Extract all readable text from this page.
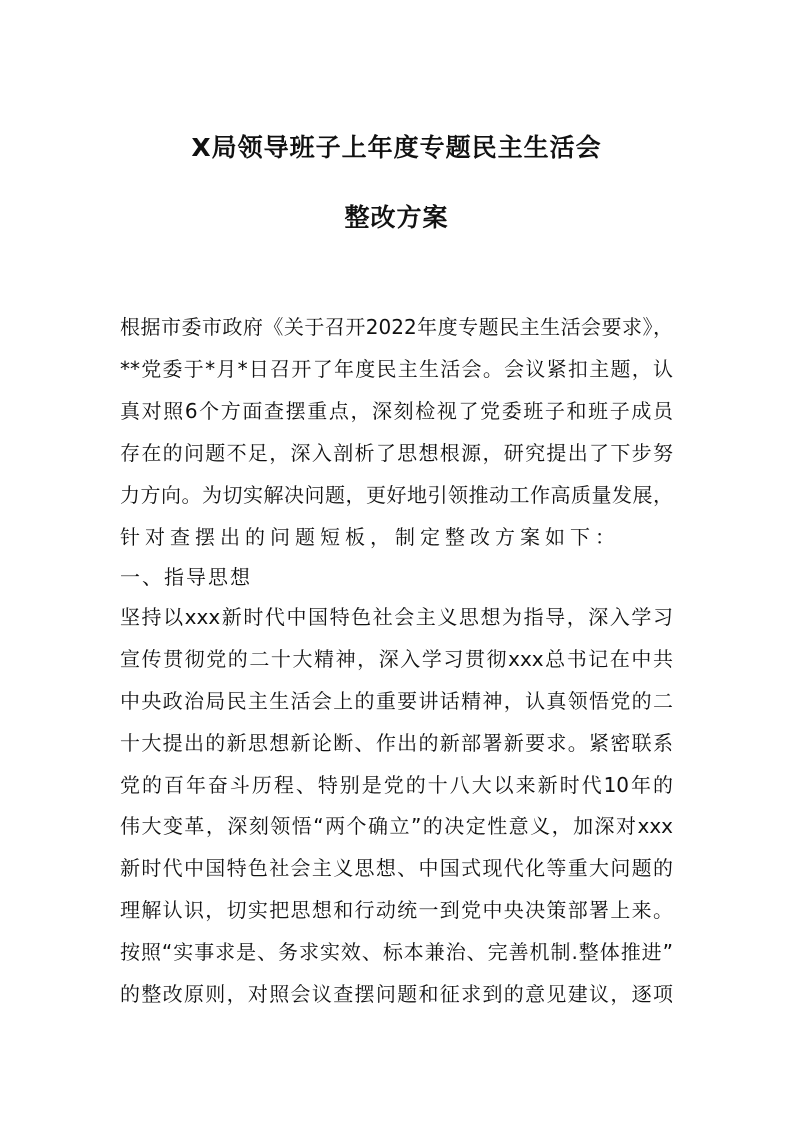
X局领导班子上年度专题民主生活会
整改方案
根据市委市政府《关于召开2022年度专题民主生活会要求》，
**党委于*月*日召开了年度民主生活会。会议紧扣主题，认
真对照6个方面查摆重点，深刻检视了党委班子和班子成员
存在的问题不足，深入剖析了思想根源，研究提出了下步努
力方向。为切实解决问题，更好地引领推动工作高质量发展，
针对查摆出的问题短板，制定整改方案如下：
一、指导思想
坚持以xxx新时代中国特色社会主义思想为指导，深入学习
宣传贯彻党的二十大精神，深入学习贯彻xxx总书记在中共
中央政治局民主生活会上的重要讲话精神，认真领悟党的二
十大提出的新思想新论断、作出的新部署新要求。紧密联系
党的百年奋斗历程、特别是党的十八大以来新时代10年的
伟大变革，深刻领悟“两个确立”的决定性意义，加深对xxx
新时代中国特色社会主义思想、中国式现代化等重大问题的
理解认识，切实把思想和行动统一到党中央决策部署上来。
按照“实事求是、务求实效、标本兼治、完善机制.整体推进”
的整改原则，对照会议查摆问题和征求到的意见建议，逐项
